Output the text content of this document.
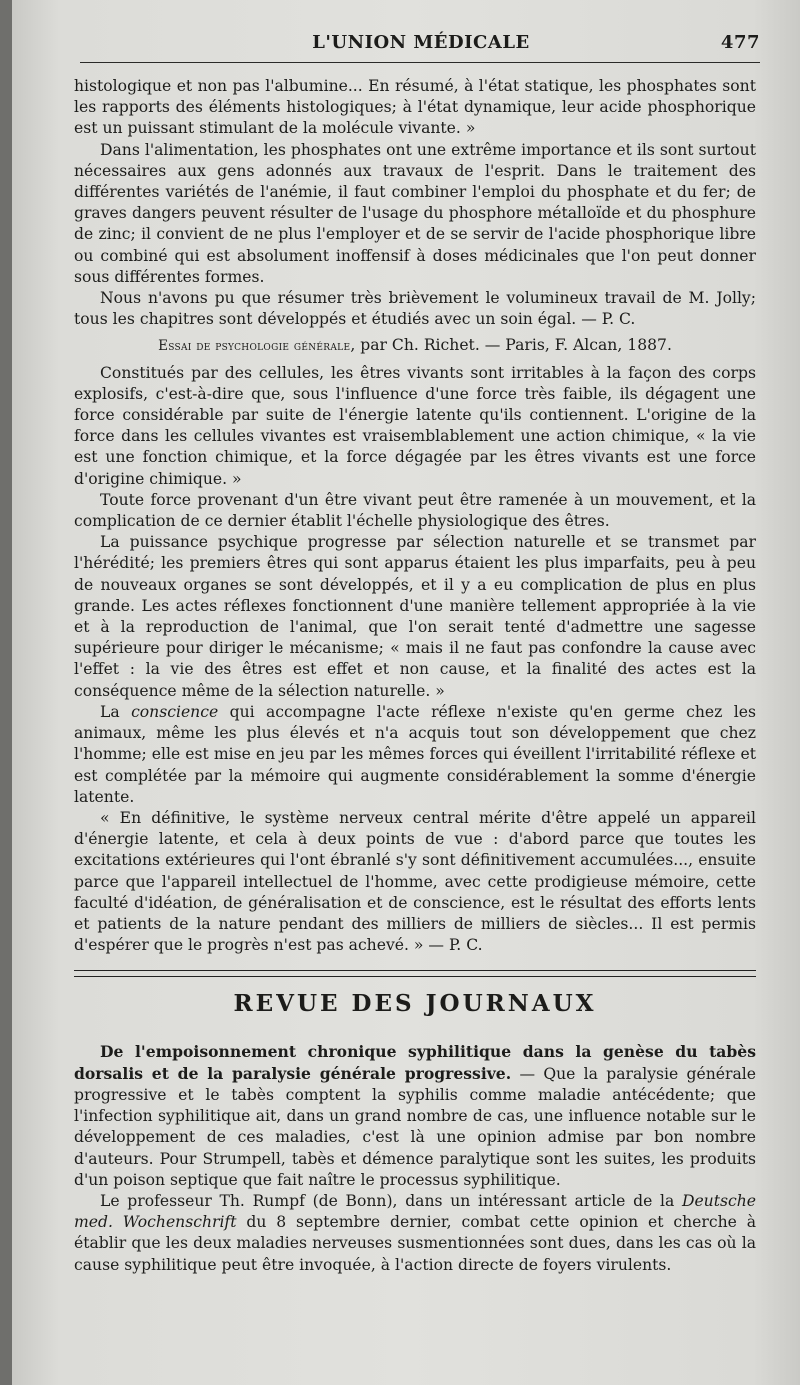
L'UNION MÉDICALE	477

histologique et non pas l'albumine... En résumé, à l'état statique, les phosphates sont les rapports des éléments histologiques; à l'état dynamique, leur acide phosphorique est un puissant stimulant de la molécule vivante. »

Dans l'alimentation, les phosphates ont une extrême importance et ils sont surtout nécessaires aux gens adonnés aux travaux de l'esprit. Dans le traitement des différentes variétés de l'anémie, il faut combiner l'emploi du phosphate et du fer; de graves dangers peuvent résulter de l'usage du phosphore métalloïde et du phosphure de zinc; il convient de ne plus l'employer et de se servir de l'acide phosphorique libre ou combiné qui est absolument inoffensif à doses médicinales que l'on peut donner sous différentes formes.

Nous n'avons pu que résumer très brièvement le volumineux travail de M. Jolly; tous les chapitres sont développés et étudiés avec un soin égal. — P. C.

Essai de psychologie générale, par Ch. Richet. — Paris, F. Alcan, 1887.

Constitués par des cellules, les êtres vivants sont irritables à la façon des corps explosifs, c'est-à-dire que, sous l'influence d'une force très faible, ils dégagent une force considérable par suite de l'énergie latente qu'ils contiennent. L'origine de la force dans les cellules vivantes est vraisemblablement une action chimique, « la vie est une fonction chimique, et la force dégagée par les êtres vivants est une force d'origine chimique. »

Toute force provenant d'un être vivant peut être ramenée à un mouvement, et la complication de ce dernier établit l'échelle physiologique des êtres.

La puissance psychique progresse par sélection naturelle et se transmet par l'hérédité; les premiers êtres qui sont apparus étaient les plus imparfaits, peu à peu de nouveaux organes se sont développés, et il y a eu complication de plus en plus grande. Les actes réflexes fonctionnent d'une manière tellement appropriée à la vie et à la reproduction de l'animal, que l'on serait tenté d'admettre une sagesse supérieure pour diriger le mécanisme; « mais il ne faut pas confondre la cause avec l'effet : la vie des êtres est effet et non cause, et la finalité des actes est la conséquence même de la sélection naturelle. »

La conscience qui accompagne l'acte réflexe n'existe qu'en germe chez les animaux, même les plus élevés et n'a acquis tout son développement que chez l'homme; elle est mise en jeu par les mêmes forces qui éveillent l'irritabilité réflexe et est complétée par la mémoire qui augmente considérablement la somme d'énergie latente.

« En définitive, le système nerveux central mérite d'être appelé un appareil d'énergie latente, et cela à deux points de vue : d'abord parce que toutes les excitations extérieures qui l'ont ébranlé s'y sont définitivement accumulées..., ensuite parce que l'appareil intellectuel de l'homme, avec cette prodigieuse mémoire, cette faculté d'idéation, de généralisation et de conscience, est le résultat des efforts lents et patients de la nature pendant des milliers de milliers de siècles... Il est permis d'espérer que le progrès n'est pas achevé. » — P. C.

REVUE DES JOURNAUX

De l'empoisonnement chronique syphilitique dans la genèse du tabès dorsalis et de la paralysie générale progressive. — Que la paralysie générale progressive et le tabès comptent la syphilis comme maladie antécédente; que l'infection syphilitique ait, dans un grand nombre de cas, une influence notable sur le développement de ces maladies, c'est là une opinion admise par bon nombre d'auteurs. Pour Strumpell, tabès et démence paralytique sont les suites, les produits d'un poison septique que fait naître le processus syphilitique.

Le professeur Th. Rumpf (de Bonn), dans un intéressant article de la Deutsche med. Wochenschrift du 8 septembre dernier, combat cette opinion et cherche à établir que les deux maladies nerveuses susmentionnées sont dues, dans les cas où la cause syphilitique peut être invoquée, à l'action directe de foyers virulents.
